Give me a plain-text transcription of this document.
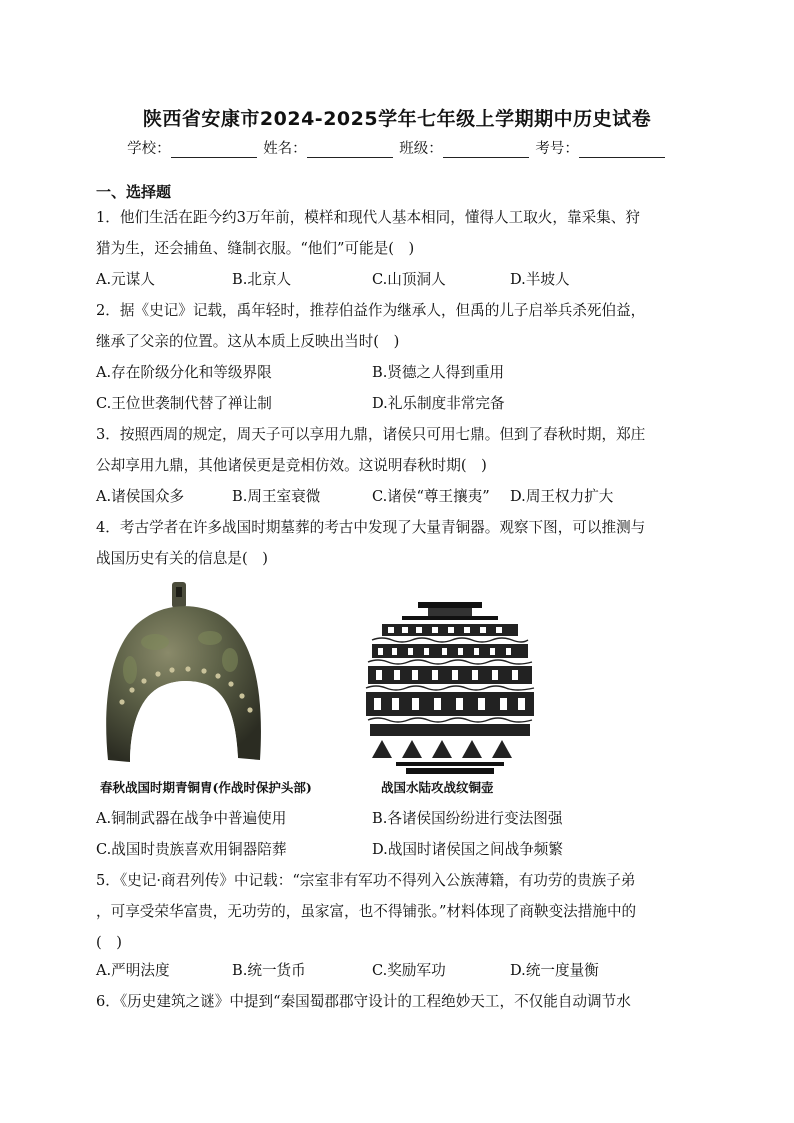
陕西省安康市2024-2025学年七年级上学期期中历史试卷
学校：	姓名：	班级：	考号：
一、选择题
1．他们生活在距今约3万年前，模样和现代人基本相同，懂得人工取火，靠采集、狩
猎为生，还会捕鱼、缝制衣服。“他们”可能是(　)
A.元谋人	B.北京人	C.山顶洞人	D.半坡人
2．据《史记》记载，禹年轻时，推荐伯益作为继承人，但禹的儿子启举兵杀死伯益，
继承了父亲的位置。这从本质上反映出当时(　)
A.存在阶级分化和等级界限	B.贤德之人得到重用
C.王位世袭制代替了禅让制	D.礼乐制度非常完备
3．按照西周的规定，周天子可以享用九鼎，诸侯只可用七鼎。但到了春秋时期，郑庄
公却享用九鼎，其他诸侯更是竞相仿效。这说明春秋时期(　)
A.诸侯国众多	B.周王室衰微	C.诸侯“尊王攘夷” D.周王权力扩大
4．考古学者在许多战国时期墓葬的考古中发现了大量青铜器。观察下图，可以推测与
战国历史有关的信息是(　)
春秋战国时期青铜胄(作战时保护头部)	战国水陆攻战纹铜壶
A.铜制武器在战争中普遍使用	B.各诸侯国纷纷进行变法图强
C.战国时贵族喜欢用铜器陪葬	D.战国时诸侯国之间战争频繁
5．《史记·商君列传》中记载：“宗室非有军功不得列入公族薄籍，有功劳的贵族子弟
，可享受荣华富贵，无功劳的，虽家富，也不得铺张。”材料体现了商鞅变法措施中的
(　)
A.严明法度	B.统一货币	C.奖励军功	D.统一度量衡
6．《历史建筑之谜》中提到“秦国蜀郡郡守设计的工程绝妙天工，不仅能自动调节水
